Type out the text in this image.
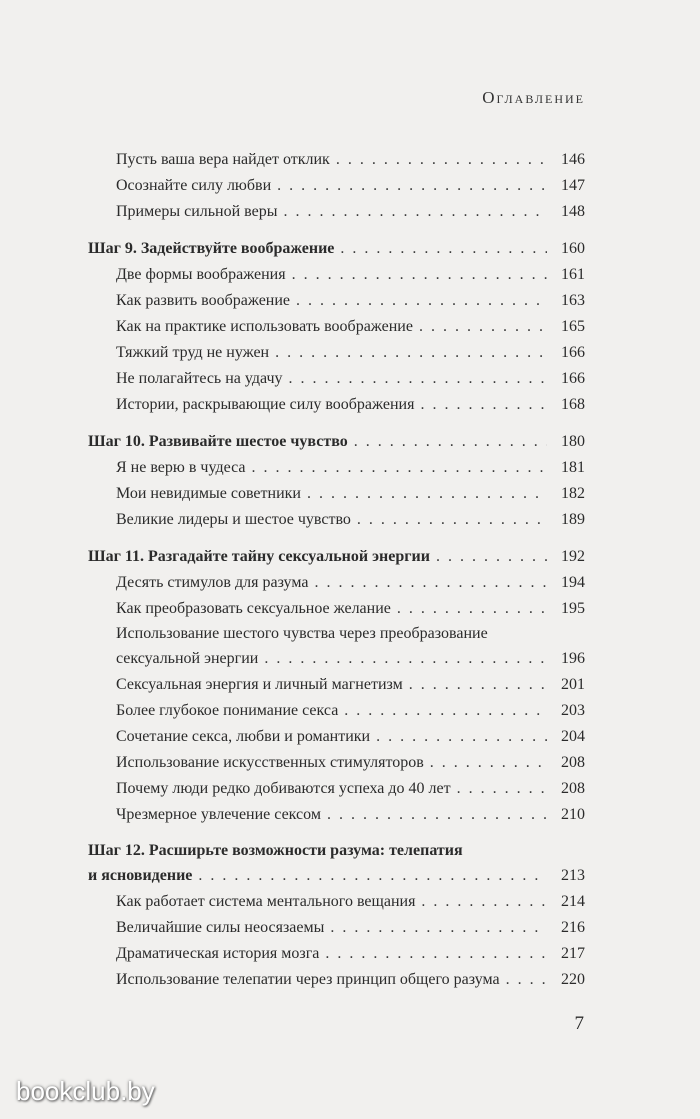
Оглавление
Пусть ваша вера найдет отклик . . .	146
Осознайте силу любви . . .	147
Примеры сильной веры . . .	148
Шаг 9. Задействуйте воображение . . .	160
Две формы воображения . . .	161
Как развить воображение . . .	163
Как на практике использовать воображение . . .	165
Тяжкий труд не нужен . . .	166
Не полагайтесь на удачу . . .	166
Истории, раскрывающие силу воображения . . .	168
Шаг 10. Развивайте шестое чувство . . .	180
Я не верю в чудеса . . .	181
Мои невидимые советники . . .	182
Великие лидеры и шестое чувство . . .	189
Шаг 11. Разгадайте тайну сексуальной энергии . . .	192
Десять стимулов для разума . . .	194
Как преобразовать сексуальное желание . . .	195
Использование шестого чувства через преобразование
сексуальной энергии . . .	196
Сексуальная энергия и личный магнетизм . . .	201
Более глубокое понимание секса . . .	203
Сочетание секса, любви и романтики . . .	204
Использование искусственных стимуляторов . . .	208
Почему люди редко добиваются успеха до 40 лет . . .	208
Чрезмерное увлечение сексом . . .	210
Шаг 12. Расширьте возможности разума: телепатия
и ясновидение . . .	213
Как работает система ментального вещания . . .	214
Величайшие силы неосязаемы . . .	216
Драматическая история мозга . . .	217
Использование телепатии через принцип общего разума . . .	220
7
bookclub.by
